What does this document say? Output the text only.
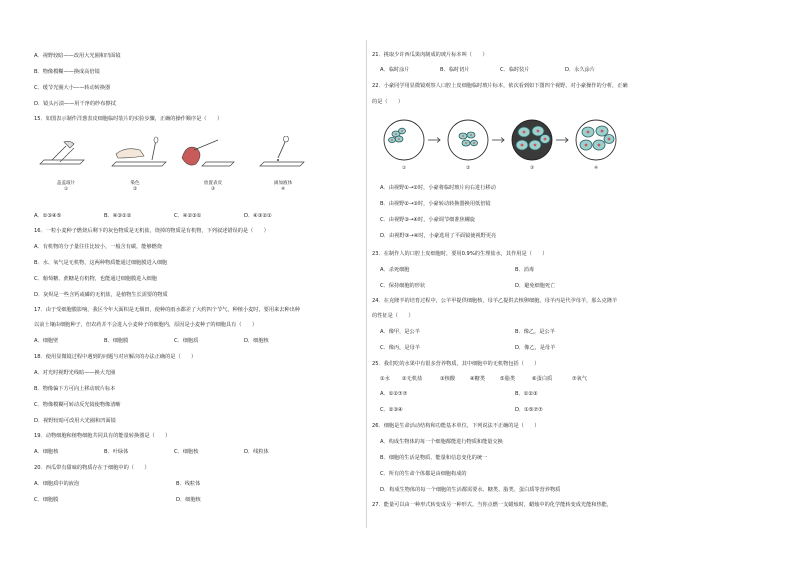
A．视野较暗——改用大光圈和凹面镜
B．物像模糊——换成高倍镜
C．缓节光圈大小——转动转换器
D．镜头污渍——用干净的纱布擦拭
15．如图表示制作洋葱表皮细胞临时装片的实验步骤，正确的操作顺序是（　　）
盖盖玻片
①
染色
②
放置表皮
③
滴加液体
④
A．①③④⑤	B．④③①②	C．④②③①	D．④③②①
16．一粒小麦种子燃烧后剩下的灰色物质是无机盐，烧掉的物质是有机物，下列叙述错误的是（　　）
A．有机物的分子量往往比较小，一般含有碳，能够燃烧
B．水、氧气是无机物，这两种物质能通过细胞膜进入细胞
C．葡萄糖、蔗糖是有机物，也能通过细胞膜进入细胞
D．灰烬是一些含钙或磷的无机盐，是植物生长需要的物质
17．由于受细胞膜影响，我区今年大面积是无烟田，使种的雨水都差了大约四个节气，种植小麦时，要用来去种出种
以前土壤由细胞种子，但农药并不会进入小麦种子的细胞内，原因是小麦种子的细胞具有（　　）
A．细胞壁	B．细胞膜	C．细胞质	D．细胞核
18．使用显微镜过程中遇到的问题与对应解决的办法正确的是（　　）
A．对光时视野光线暗——换大光圈
B．物像偏下方可向上移动玻片标本
C．物像模糊可转动反光镜使物像清晰
D．视野较暗可改用大光圈和凹面镜
19．动物细胞和植物细胞共同具有的能量转换器是（　　）
A．细胞核	B．叶绿体	C．细胞核	D．线粒体
20．西瓜带有甜味的物质存在于细胞中的（　　）
A．细胞质中的液泡	B．线粒体
C．细胞膜	D．细胞核
21．挑取少许西瓜果肉制成的玻片标本叫（　　）
A．临时涂片	B．临时切片	C．临时装片	D．永久涂片
22．小豪同学用显微镜观察人口腔上皮细胞临时玻片标本，依次看到如下图四个视野。对小豪操作的分析，正确
的是（　　）
①	②	③	④
A．由视野①→②时，小豪将临时玻片向右进行移动
B．由视野②→③时，小豪转动转换器换用低倍镜
C．由视野③→④时，小豪调节细准焦螺旋
D．由视野③→④时，小豪选用了平面镜使视野更亮
23．在制作人的口腔上皮细胞时，要用0.9%的生理盐水，其作用是（　　）
A．杀死细胞	B．消毒
C．保持细胞的形状	D．避免细胞死亡
24．在克隆羊的培育过程中，公羊甲提供细胞核，母羊乙提供去核卵细胞，母羊丙是代孕母羊，那么克隆羊
的性征是（　　）
A．像甲，是公羊	B．像乙，是公羊
C．像丙，是母羊	D．像乙，是母羊
25．我们吃的水果中有很多营养物质，其中细胞中的无机物包括（　　）
①水 ②无机盐	③核酸	④糖类	⑤脂类	⑥蛋白质	⑦氧气
A．①②⑦⑦	B．①②③
C．②③④	D．①⑤⑦⑦
26．细胞是生命活动结构和功能基本单位，下列说法不正确的是（　　）
A．构成生物体的每一个细胞都能进行物质和能量交换
B．细胞的生活是物质、能量和信息变化的统一
C．所有的生命个体都是由细胞构成的
D．构成生物体的每一个细胞的生活都需要水、糖类、脂类、蛋白质等营养物质
27．能量可以由一种形式转变成另一种形式。当你点燃一支蜡烛时，蜡烛中的化学能转变成光能和热能，
